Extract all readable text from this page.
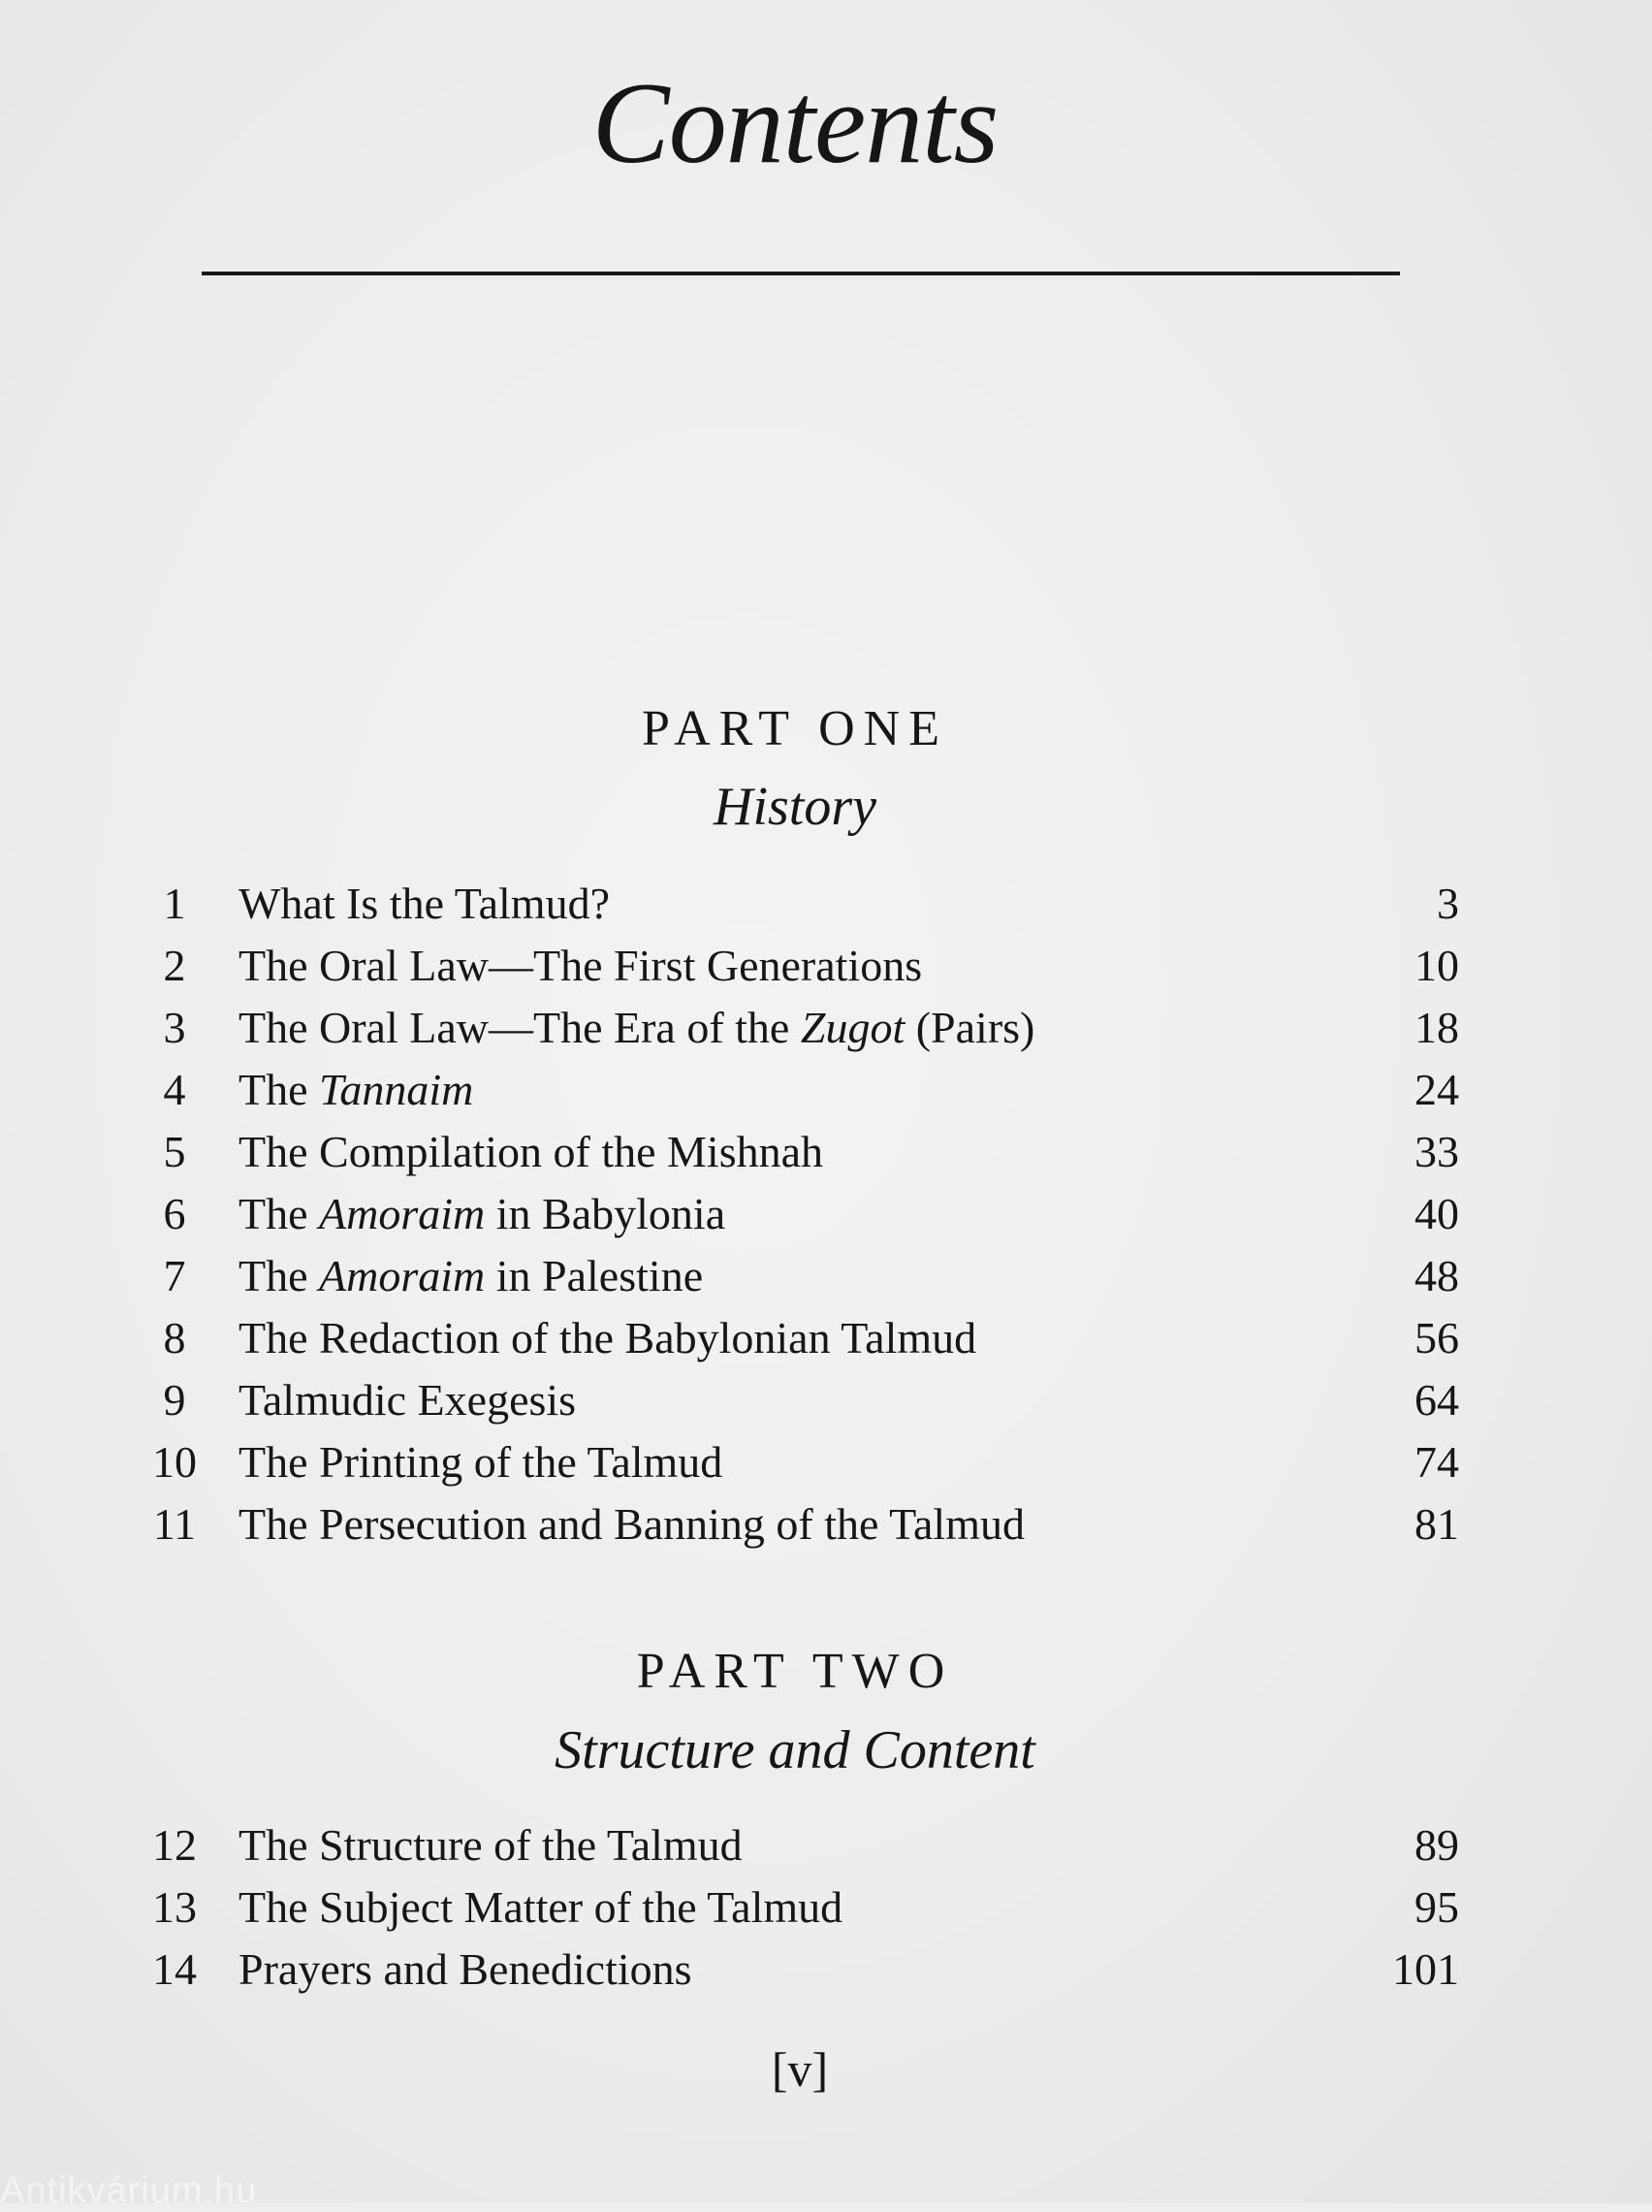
Contents
PART ONE
History
1	What Is the Talmud?	3
2	The Oral Law—The First Generations	10
3	The Oral Law—The Era of the Zugot (Pairs)	18
4	The Tannaim	24
5	The Compilation of the Mishnah	33
6	The Amoraim in Babylonia	40
7	The Amoraim in Palestine	48
8	The Redaction of the Babylonian Talmud	56
9	Talmudic Exegesis	64
10 The Printing of the Talmud	74
11 The Persecution and Banning of the Talmud	81
PART TWO
Structure and Content
12 The Structure of the Talmud	89
13 The Subject Matter of the Talmud	95
14 Prayers and Benedictions	101
[v]
Antikvárium.hu
